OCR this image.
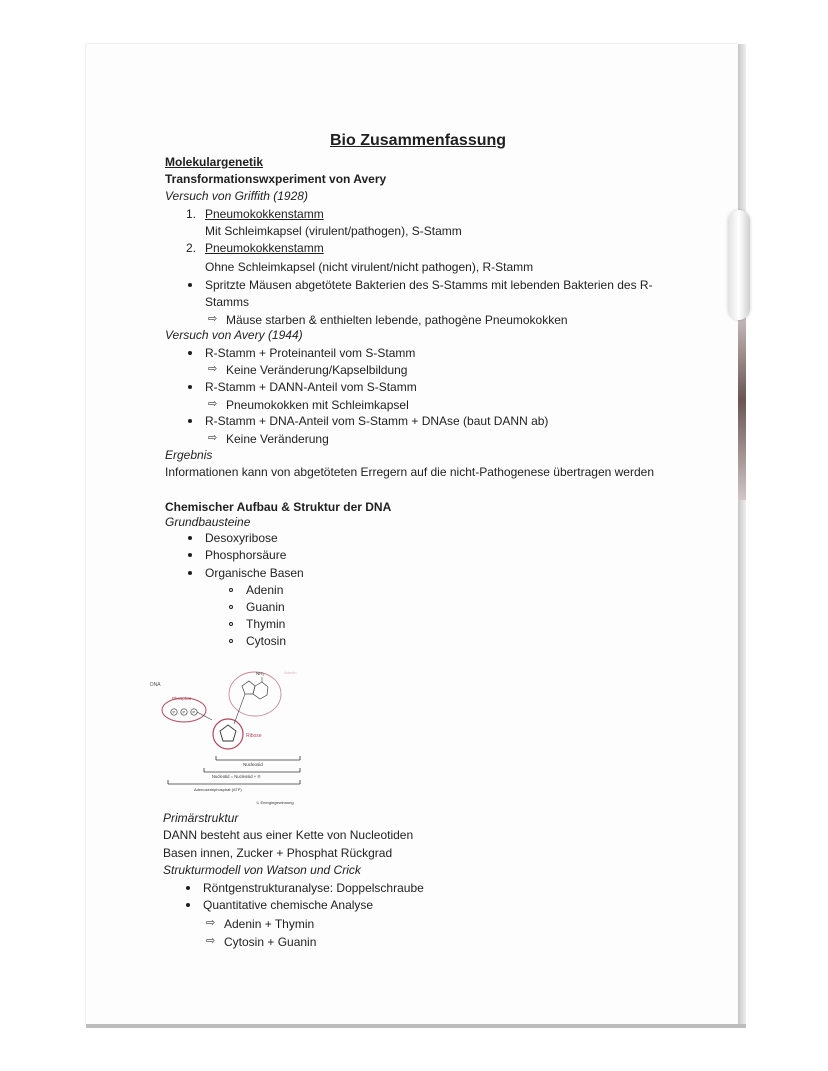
Bio Zusammenfassung
Molekulargenetik
Transformationswxperiment von Avery
Versuch von Griffith (1928)
1. Pneumokokkenstamm
Mit Schleimkapsel (virulent/pathogen), S-Stamm
2. Pneumokokkenstamm
Ohne Schleimkapsel (nicht virulent/nicht pathogen), R-Stamm
Spritzte Mäusen abgetötete Bakterien des S-Stamms mit lebenden Bakterien des R-
Stamms
⇨ Mäuse starben & enthielten lebende, pathogène Pneumokokken
Versuch von Avery (1944)
R-Stamm + Proteinanteil vom S-Stamm
⇨ Keine Veränderung/Kapselbildung
R-Stamm + DANN-Anteil vom S-Stamm
⇨ Pneumokokken mit Schleimkapsel
R-Stamm + DNA-Anteil vom S-Stamm + DNAse (baut DANN ab)
⇨ Keine Veränderung
Ergebnis
Informationen kann von abgetöteten Erregern auf die nicht-Pathogenese übertragen werden
Chemischer Aufbau & Struktur der DNA
Grundbausteine
Desoxyribose
Phosphorsäure
Organische Basen
Adenin
Guanin
Thymin
Cytosin
DNA
Phosphat
P P P
Ribose
NH₂	Adenin
Nucleosid
Nucleotid = Nucleosid + ℗
Adenosintriphosphat (ATP)
↳ Energiegewinnung
Primärstruktur
DANN besteht aus einer Kette von Nucleotiden
Basen innen, Zucker + Phosphat Rückgrad
Strukturmodell von Watson und Crick
Röntgenstrukturanalyse: Doppelschraube
Quantitative chemische Analyse
⇨ Adenin + Thymin
⇨ Cytosin + Guanin
